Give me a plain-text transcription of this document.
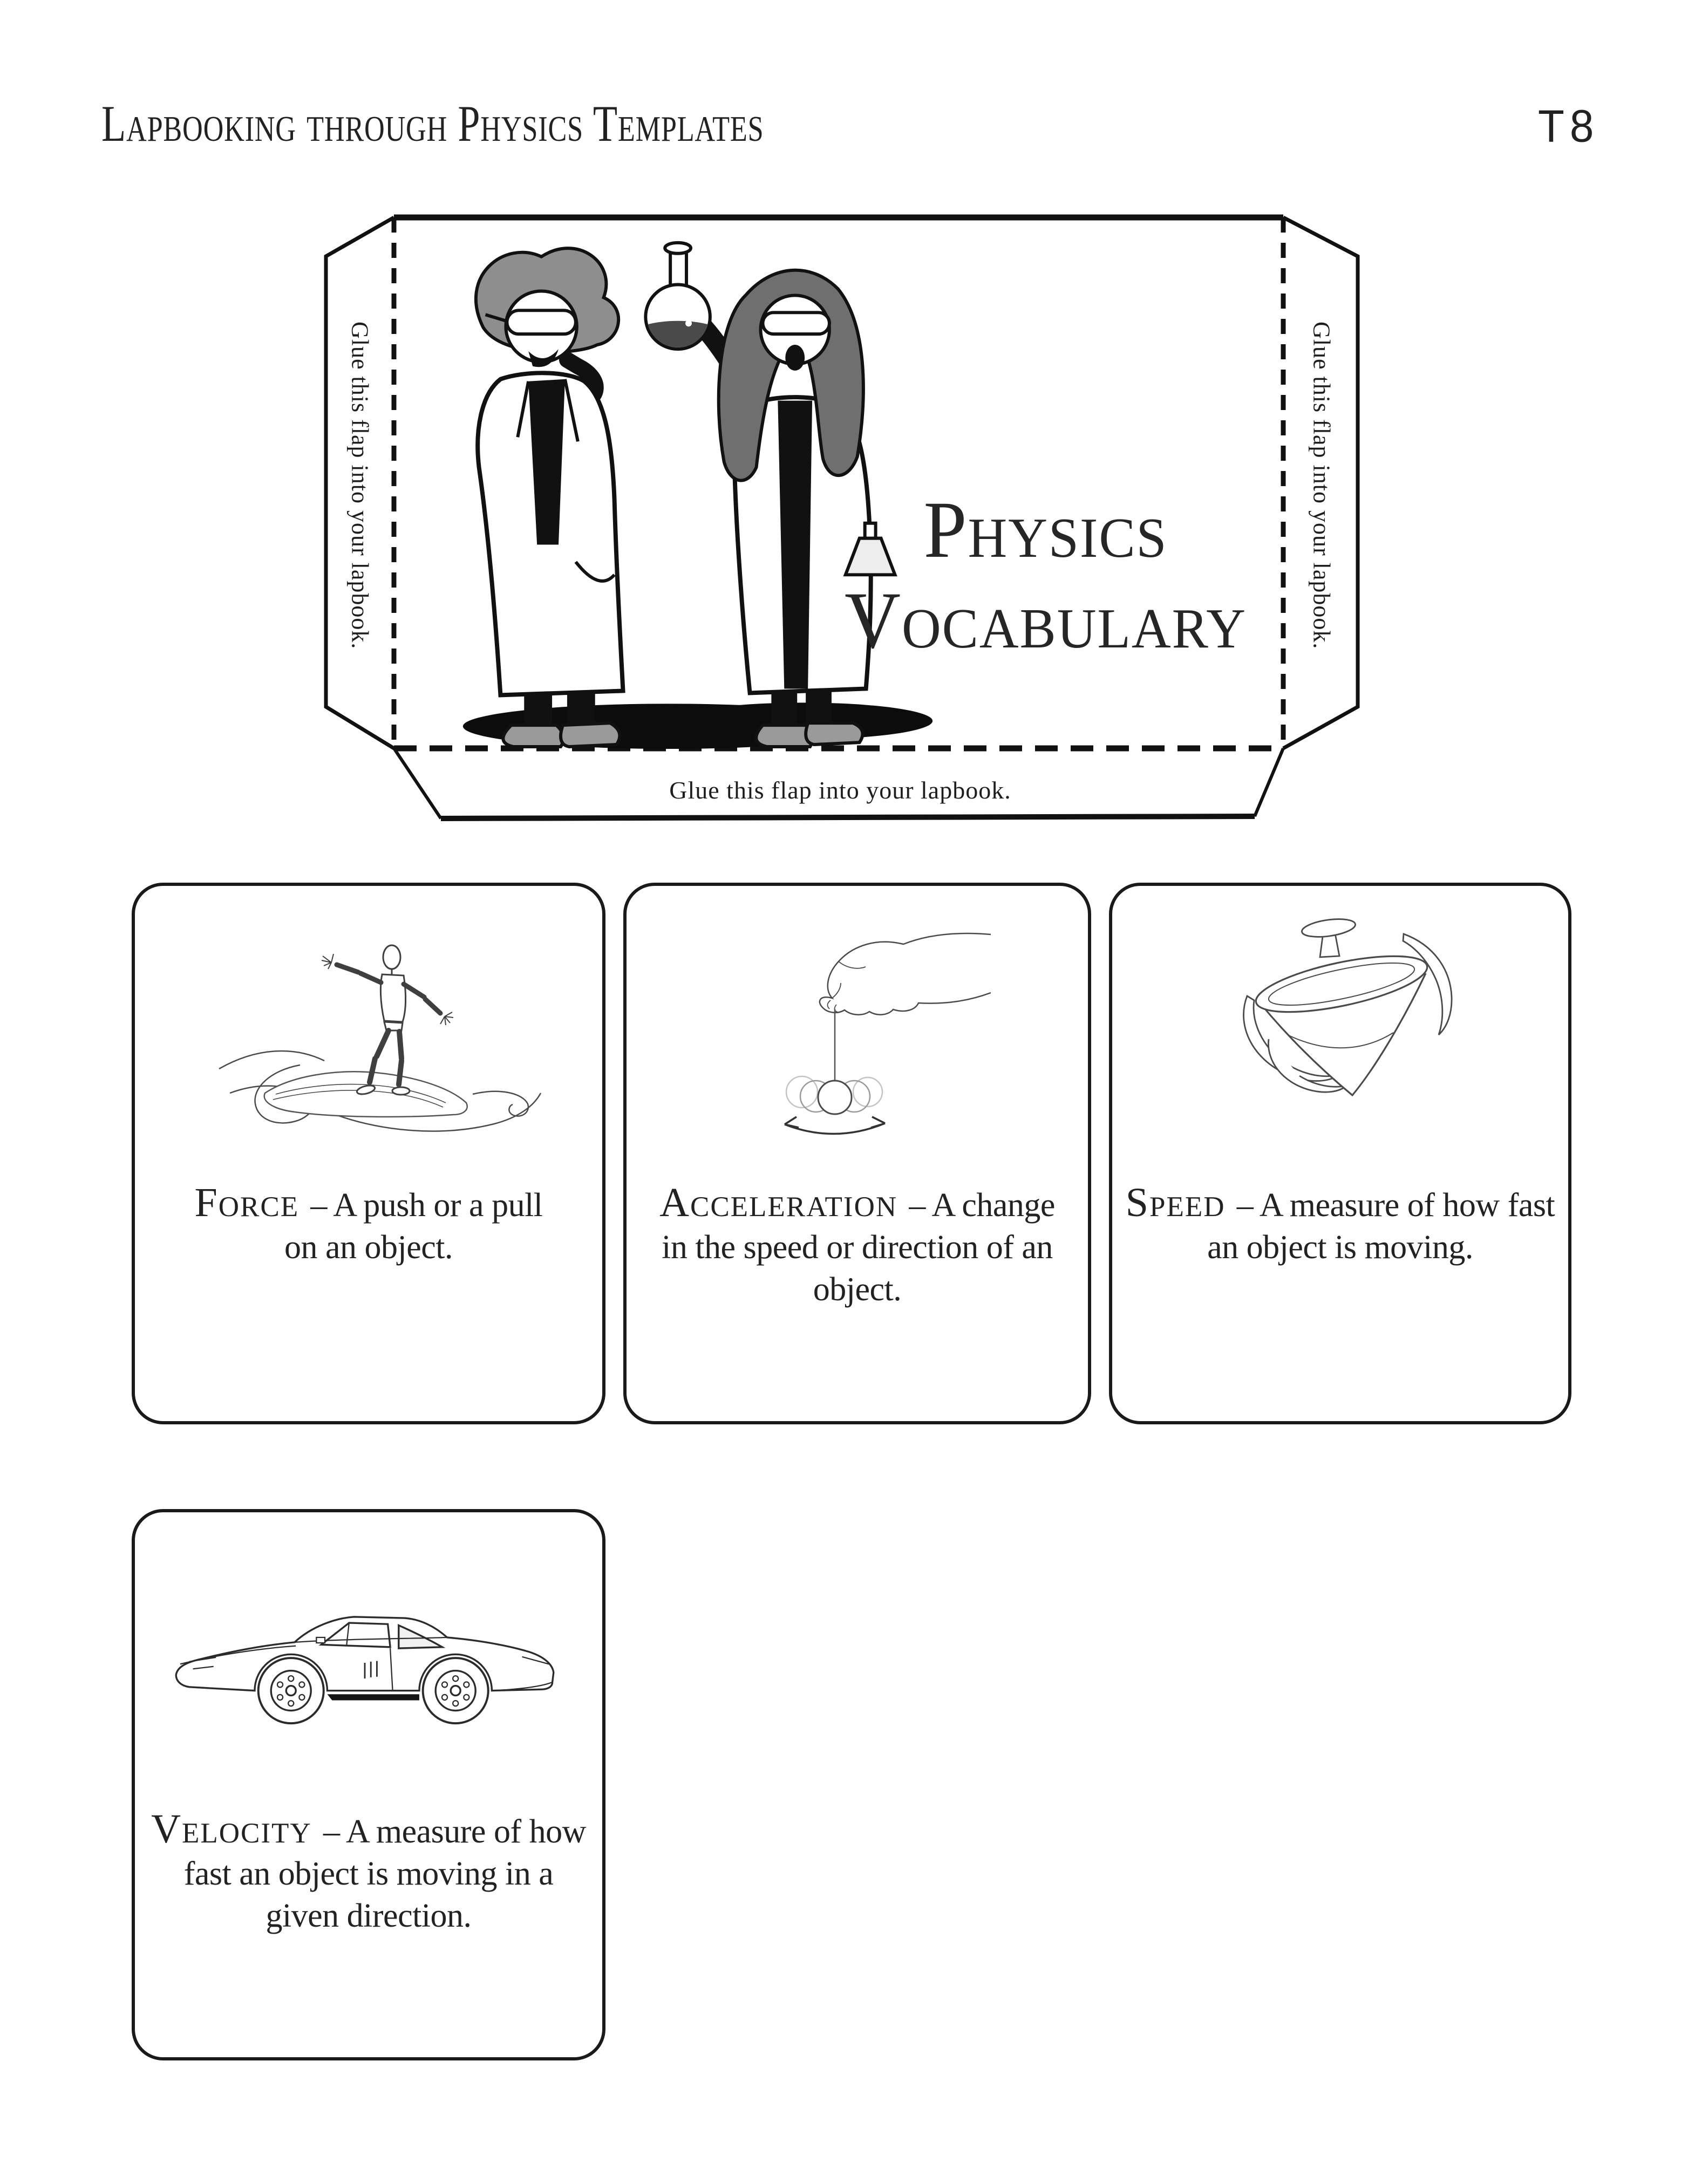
Lapbooking through Physics Templates	T8
Physics
Vocabulary
Glue this flap into your lapbook.	Glue this flap into your lapbook.
Glue this flap into your lapbook.

Force – A push or a pull
on an object.

Acceleration – A change
in the speed or direction of an
object.

Speed – A measure of how fast
an object is moving.

Velocity – A measure of how
fast an object is moving in a
given direction.
